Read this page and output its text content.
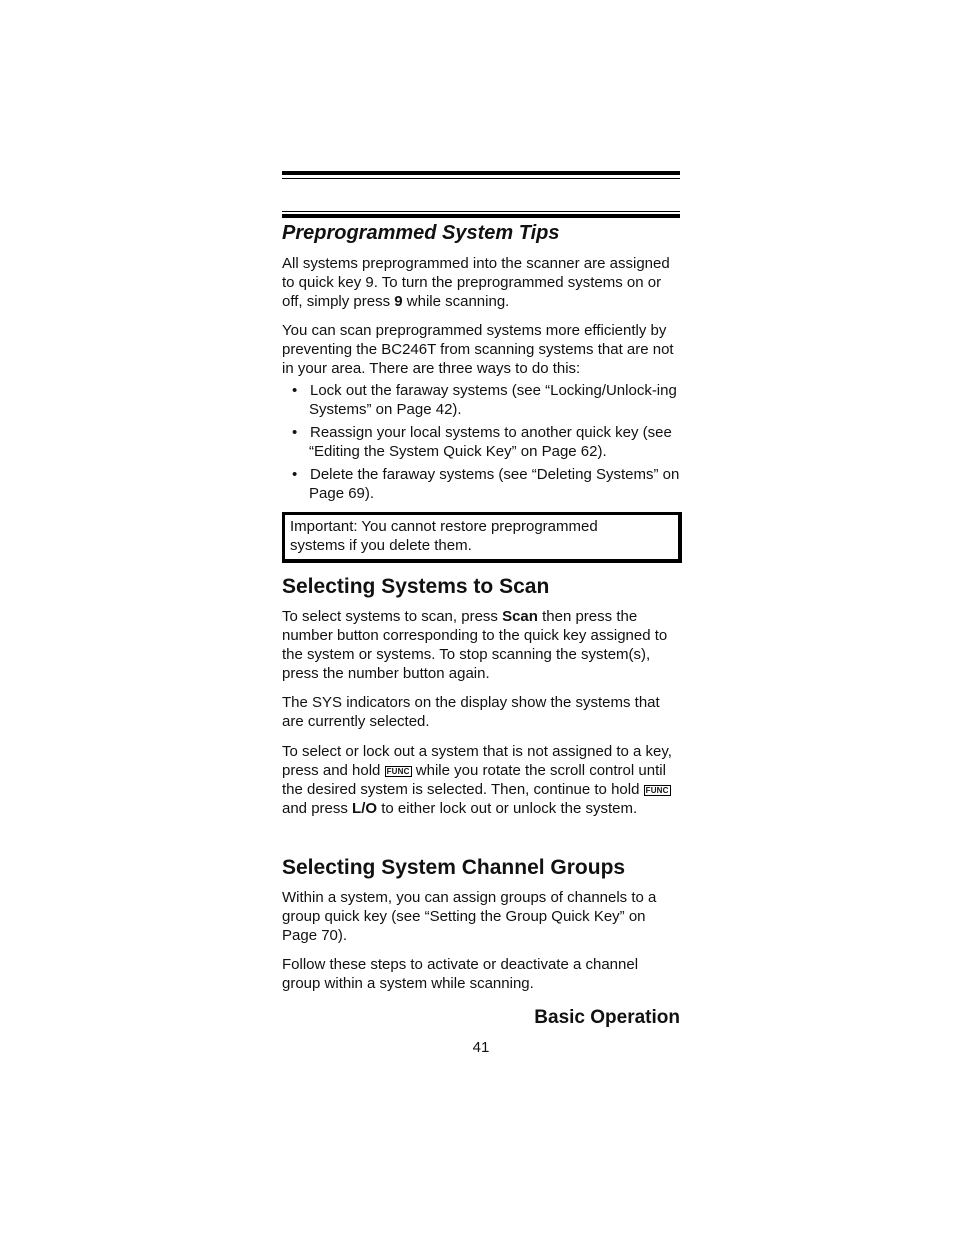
Preprogrammed System Tips

All systems preprogrammed into the scanner are assigned to quick key 9. To turn the preprogrammed systems on or off, simply press 9 while scanning.

You can scan preprogrammed systems more efficiently by preventing the BC246T from scanning systems that are not in your area. There are three ways to do this:

• Lock out the faraway systems (see “Locking/Unlock-ing Systems” on Page 42).
• Reassign your local systems to another quick key (see “Editing the System Quick Key” on Page 62).
• Delete the faraway systems (see “Deleting Systems” on Page 69).
Important: You cannot restore preprogrammed systems if you delete them.
Selecting Systems to Scan

To select systems to scan, press Scan then press the number button corresponding to the quick key assigned to the system or systems. To stop scanning the system(s), press the number button again.

The SYS indicators on the display show the systems that are currently selected.

To select or lock out a system that is not assigned to a key, press and hold FUNC while you rotate the scroll control until the desired system is selected. Then, continue to hold FUNC and press L/O to either lock out or unlock the system.

Selecting System Channel Groups

Within a system, you can assign groups of channels to a group quick key (see “Setting the Group Quick Key” on Page 70).

Follow these steps to activate or deactivate a channel group within a system while scanning.

Basic Operation
41
